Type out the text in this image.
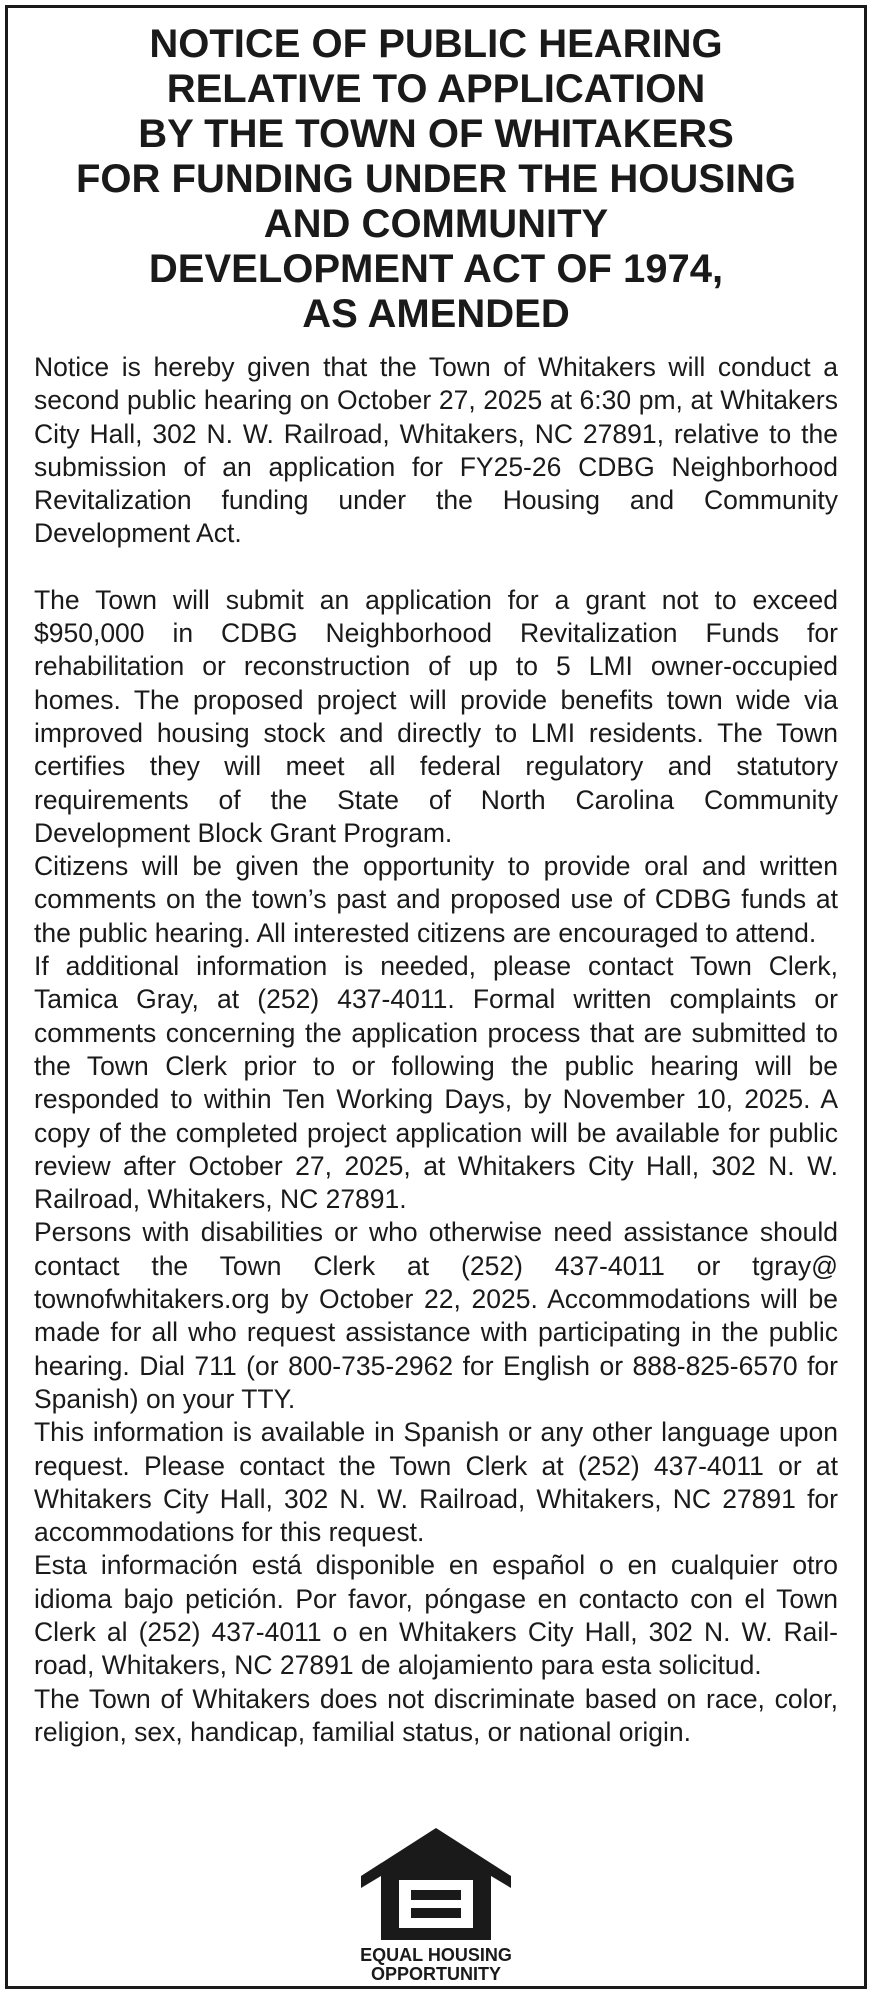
NOTICE OF PUBLIC HEARING
RELATIVE TO APPLICATION
BY THE TOWN OF WHITAKERS
FOR FUNDING UNDER THE HOUSING
AND COMMUNITY
DEVELOPMENT ACT OF 1974,
AS AMENDED

Notice is hereby given that the Town of Whitakers will conduct a second public hearing on October 27, 2025 at 6:30 pm, at Whitakers City Hall, 302 N. W. Railroad, Whitakers, NC 27891, relative to the submission of an application for FY25-26 CDBG Neighborhood Revitalization funding under the Housing and Community Development Act.

The Town will submit an application for a grant not to exceed $950,000 in CDBG Neighborhood Revitalization Funds for rehabilitation or reconstruction of up to 5 LMI owner-occupied homes. The proposed project will provide benefits town wide via improved housing stock and directly to LMI residents. The Town certifies they will meet all federal regulatory and statutory requirements of the State of North Carolina Community Development Block Grant Program.

Citizens will be given the opportunity to provide oral and written comments on the town’s past and proposed use of CDBG funds at the public hearing. All interested citizens are encouraged to attend.

If additional information is needed, please contact Town Clerk, Tamica Gray, at (252) 437-4011. Formal written complaints or comments concerning the application process that are submitted to the Town Clerk prior to or following the public hearing will be responded to within Ten Working Days, by November 10, 2025. A copy of the completed project application will be available for public review after October 27, 2025, at Whitakers City Hall, 302 N. W. Railroad, Whitakers, NC 27891.

Persons with disabilities or who otherwise need assistance should contact the Town Clerk at (252) 437-4011 or tgray@ townofwhitakers.org by October 22, 2025. Accommodations will be made for all who request assistance with participating in the public hearing. Dial 711 (or 800-735-2962 for English or 888-825-6570 for Spanish) on your TTY.

This information is available in Spanish or any other language upon request. Please contact the Town Clerk at (252) 437-4011 or at Whitakers City Hall, 302 N. W. Railroad, Whitakers, NC 27891 for accommodations for this request.

Esta información está disponible en español o en cualquier otro idioma bajo petición. Por favor, póngase en contacto con el Town Clerk al (252) 437-4011 o en Whitakers City Hall, 302 N. W. Rail-road, Whitakers, NC 27891 de alojamiento para esta solicitud.

The Town of Whitakers does not discriminate based on race, color, religion, sex, handicap, familial status, or national origin.

EQUAL HOUSING
OPPORTUNITY
